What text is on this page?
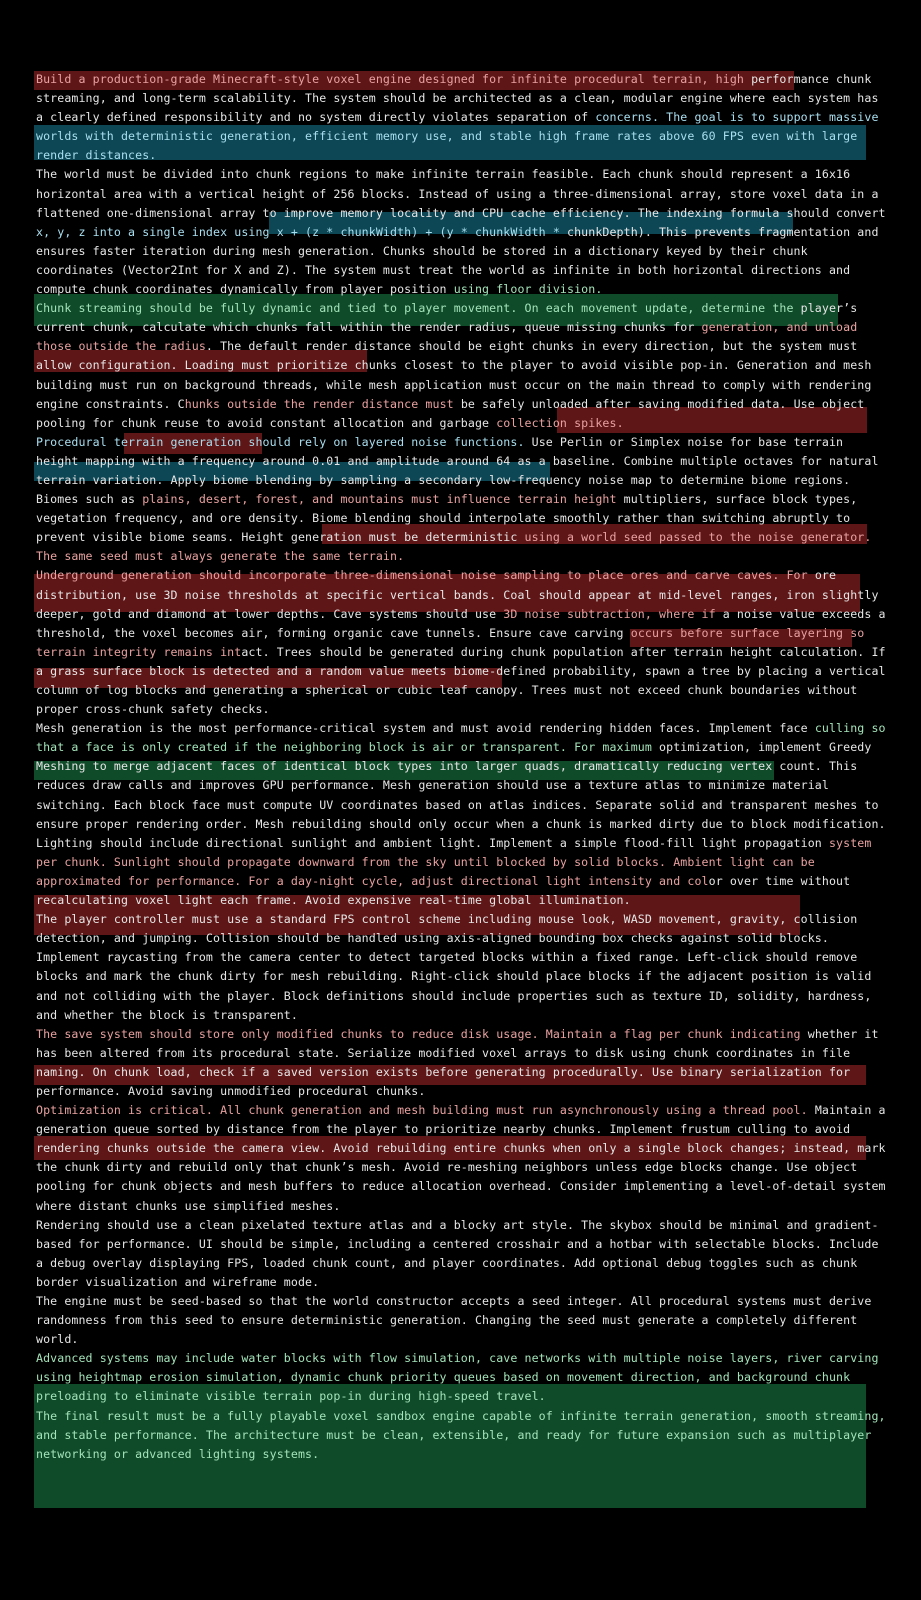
Build a production-grade Minecraft-style voxel engine designed for infinite procedural terrain, high performance chunk streaming, and long-term scalability. The system should be architected as a clean, modular engine where each system has a clearly defined responsibility and no system directly violates separation of concerns. The goal is to support massive worlds with deterministic generation, efficient memory use, and stable high frame rates above 60 FPS even with large render distances.

The world must be divided into chunk regions to make infinite terrain feasible. Each chunk should represent a 16x16 horizontal area with a vertical height of 256 blocks. Instead of using a three-dimensional array, store voxel data in a flattened one-dimensional array to improve memory locality and CPU cache efficiency. The indexing formula should convert x, y, z into a single index using x + (z * chunkWidth) + (y * chunkWidth * chunkDepth). This prevents fragmentation and ensures faster iteration during mesh generation. Chunks should be stored in a dictionary keyed by their chunk coordinates (Vector2Int for X and Z). The system must treat the world as infinite in both horizontal directions and compute chunk coordinates dynamically from player position using floor division.

Chunk streaming should be fully dynamic and tied to player movement. On each movement update, determine the player’s current chunk, calculate which chunks fall within the render radius, queue missing chunks for generation, and unload those outside the radius. The default render distance should be eight chunks in every direction, but the system must allow configuration. Loading must prioritize chunks closest to the player to avoid visible pop-in. Generation and mesh building must run on background threads, while mesh application must occur on the main thread to comply with rendering engine constraints. Chunks outside the render distance must be safely unloaded after saving modified data. Use object pooling for chunk reuse to avoid constant allocation and garbage collection spikes.

Procedural terrain generation should rely on layered noise functions. Use Perlin or Simplex noise for base terrain height mapping with a frequency around 0.01 and amplitude around 64 as a baseline. Combine multiple octaves for natural terrain variation. Apply biome blending by sampling a secondary low-frequency noise map to determine biome regions. Biomes such as plains, desert, forest, and mountains must influence terrain height multipliers, surface block types, vegetation frequency, and ore density. Biome blending should interpolate smoothly rather than switching abruptly to prevent visible biome seams. Height generation must be deterministic using a world seed passed to the noise generator. The same seed must always generate the same terrain.

Underground generation should incorporate three-dimensional noise sampling to place ores and carve caves. For ore distribution, use 3D noise thresholds at specific vertical bands. Coal should appear at mid-level ranges, iron slightly deeper, gold and diamond at lower depths. Cave systems should use 3D noise subtraction, where if a noise value exceeds a threshold, the voxel becomes air, forming organic cave tunnels. Ensure cave carving occurs before surface layering so terrain integrity remains intact. Trees should be generated during chunk population after terrain height calculation. If a grass surface block is detected and a random value meets biome-defined probability, spawn a tree by placing a vertical column of log blocks and generating a spherical or cubic leaf canopy. Trees must not exceed chunk boundaries without proper cross-chunk safety checks.

Mesh generation is the most performance-critical system and must avoid rendering hidden faces. Implement face culling so that a face is only created if the neighboring block is air or transparent. For maximum optimization, implement Greedy Meshing to merge adjacent faces of identical block types into larger quads, dramatically reducing vertex count. This reduces draw calls and improves GPU performance. Mesh generation should use a texture atlas to minimize material switching. Each block face must compute UV coordinates based on atlas indices. Separate solid and transparent meshes to ensure proper rendering order. Mesh rebuilding should only occur when a chunk is marked dirty due to block modification.

Lighting should include directional sunlight and ambient light. Implement a simple flood-fill light propagation system per chunk. Sunlight should propagate downward from the sky until blocked by solid blocks. Ambient light can be approximated for performance. For a day-night cycle, adjust directional light intensity and color over time without recalculating voxel light each frame. Avoid expensive real-time global illumination.

The player controller must use a standard FPS control scheme including mouse look, WASD movement, gravity, collision detection, and jumping. Collision should be handled using axis-aligned bounding box checks against solid blocks. Implement raycasting from the camera center to detect targeted blocks within a fixed range. Left-click should remove blocks and mark the chunk dirty for mesh rebuilding. Right-click should place blocks if the adjacent position is valid and not colliding with the player. Block definitions should include properties such as texture ID, solidity, hardness, and whether the block is transparent.

The save system should store only modified chunks to reduce disk usage. Maintain a flag per chunk indicating whether it has been altered from its procedural state. Serialize modified voxel arrays to disk using chunk coordinates in file naming. On chunk load, check if a saved version exists before generating procedurally. Use binary serialization for performance. Avoid saving unmodified procedural chunks.

Optimization is critical. All chunk generation and mesh building must run asynchronously using a thread pool. Maintain a generation queue sorted by distance from the player to prioritize nearby chunks. Implement frustum culling to avoid rendering chunks outside the camera view. Avoid rebuilding entire chunks when only a single block changes; instead, mark the chunk dirty and rebuild only that chunk’s mesh. Avoid re-meshing neighbors unless edge blocks change. Use object pooling for chunk objects and mesh buffers to reduce allocation overhead. Consider implementing a level-of-detail system where distant chunks use simplified meshes.

Rendering should use a clean pixelated texture atlas and a blocky art style. The skybox should be minimal and gradient-based for performance. UI should be simple, including a centered crosshair and a hotbar with selectable blocks. Include a debug overlay displaying FPS, loaded chunk count, and player coordinates. Add optional debug toggles such as chunk border visualization and wireframe mode.

The engine must be seed-based so that the world constructor accepts a seed integer. All procedural systems must derive randomness from this seed to ensure deterministic generation. Changing the seed must generate a completely different world.

Advanced systems may include water blocks with flow simulation, cave networks with multiple noise layers, river carving using heightmap erosion simulation, dynamic chunk priority queues based on movement direction, and background chunk preloading to eliminate visible terrain pop-in during high-speed travel.

The final result must be a fully playable voxel sandbox engine capable of infinite terrain generation, smooth streaming, and stable performance. The architecture must be clean, extensible, and ready for future expansion such as multiplayer networking or advanced lighting systems.
